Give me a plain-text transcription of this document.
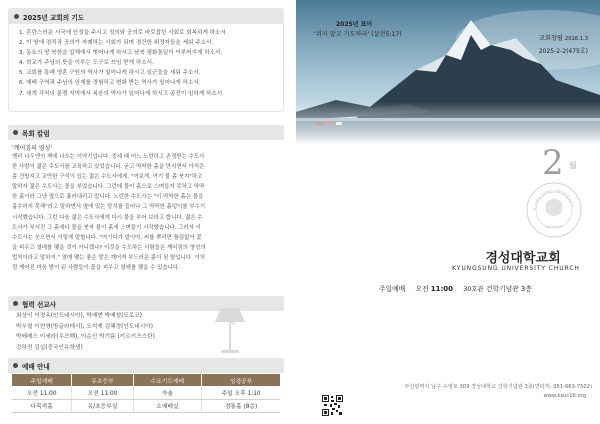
2025년 교회의 기도
1. 혼란스러운 시국에 안정을 주시고 정의와 공의로 바로잡힌 사회로 회복되게 하소서.
2. 이 땅에 정직과 공의가 자례하는 사회가 되며 경건한 위정자들을 세워 주소서.
3. 동토의 땅 북한을 압제에서 벗어나게 하시고 남북 평화통일이 이루어지게 하소서.
4. 학교가 주님의 뜻을 이루는 도구로 쓰임 받게 하소서.
5. 교회를 통해 영혼 구원의 역사가 일어나게 하시고 일군들을 세워 주소서.
6. 예배 구역과 주님의 임재를 경험하고 변화 받는 역사가 일어나게 하소서.
7. 세계 각처의 분쟁 지역에서 복음의 역사가 일어나게 하시고 종전이 임하게 하소서.
목회 칼럼
'깨어짐의 영성'
헨리 나우엔의 책에 나오는 이야기입니다. 중세 때 어느 노련하고 존경받는 수도사
한 사람이 젊은 수도사를 교육하고 있었습니다. 굳고 딱딱한 흙을 만지면서 아직은
좀 건방지고 교만한 구석이 있는 젊은 수도사에게, "여보게, 여기 물 좀 붓지"하고
말하자 젊은 수도사는 물을 부었습니다. 그런데 물이 흙으로 스며들지 못하고 딱딱
한 흙이라 그냥 옆으로 흘러내리고 맙니다. 노련한 수도사는 "이 딱딱한 흙은 물을
흡수하지 못해"라고 말하면서 옆에 있는 망치를 들어나 그 딱딱한 흙덩이를 부수기
시작했습니다. 그런 다음 젊은 수도사에게 다시 물을 부어 보라고 합니다. 젊은 수
도사가 부서진 그 흙에다 물을 붓자 물이 흙에 스며들기 시작했습니다. 그러자 이
수도사는 웃으면서 이렇게 말합니다. "여기다가 말이야, 씨를 뿌리면 틀림없이 꽃
을 피우고 열매를 맺을 것이 아니겠나? 이것을 수도하는 사람들은 깨어짐의 영성의
법칙이라고 말하지." 열매 맺는 좋은 발은 깨어져 부드러운 흙이 된 밭입니다. 이처
럼 깨어진 마음 밭이 된 사람들이 꽃을 피우고 열매를 맺을 수 있습니다.
협력 선교사
최상익 이정옥(인도네시아), 박예변 박예설(모로코)
박우열 이현영(방글라데시), 오석재 김혜경(인도네시아)
박베레스 이세라(우즈벡), 이순신 박기름 (키르키즈스탄)
강하전 김실(중국인유학생)
예배 안내
주일예배	유초등부	수요기도예배	성경공부
오전 11:00	오전 11:00	자율	주일 오후 1:10
다목적홀	유/초등부실	소예배실	경통홀 (8층)
2025년 표어
'쉬지 말고 기도하라' (살전5:17)
교회창립 2016.1.3
2025-2-2(475호)
2 월
KYUNG SUNG UNIVERSITY
SINCE1955
경성대학교회
KYUNGSUNG UNIVERSITY CHURCH
주일예배 오전 11:00 30호관 건학기념관 3층
부산광역시 남구 수영로 309 경성대학교 건학기념관 3층(연락처: 051-663-7502)
www.ksuc16.org
